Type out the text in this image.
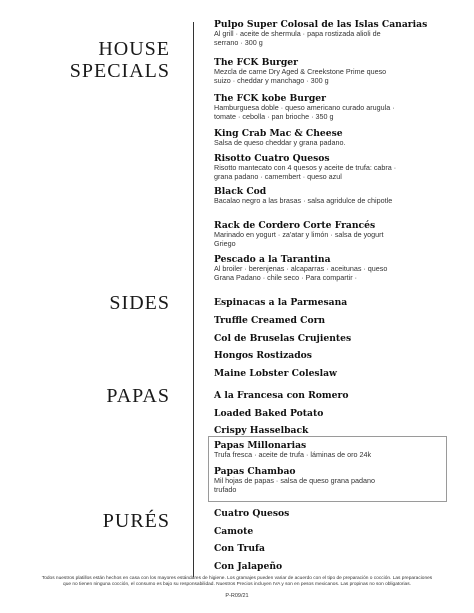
HOUSE
SPECIALS
SIDES
PAPAS
PURÉS
Pulpo Super Colosal de las Islas Canarias
Al grill · aceite de shermula · papa rostizada alioli de serrano · 300 g
The FCK Burger
Mezcla de carne Dry Aged & Creekstone Prime queso suizo · cheddar y manchago · 300 g
The FCK kobe Burger
Hamburguesa doble · queso americano curado arugula · tomate · cebolla · pan brioche · 350 g
King Crab Mac & Cheese
Salsa de queso cheddar y grana padano.
Risotto Cuatro Quesos
Risotto mantecato con 4 quesos y aceite de trufa: cabra · grana padano · camembert · queso azul
Black Cod
Bacalao negro a las brasas · salsa agridulce de chipotle
Rack de Cordero Corte Francés
Marinado en yogurt · za'atar y limón · salsa de yogurt Griego
Pescado a la Tarantina
Al broiler · berenjenas · alcaparras · aceitunas · queso Grana Padano · chile seco · Para compartir ·
Espinacas a la Parmesana
Truffle Creamed Corn
Col de Bruselas Crujientes
Hongos Rostizados
Maine Lobster Coleslaw
A la Francesa con Romero
Loaded Baked Potato
Crispy Hasselback
Papas Millonarias
Trufa fresca · aceite de trufa · láminas de oro 24k
Papas Chambao
Mil hojas de papas · salsa de queso grana padano trufado
Cuatro Quesos
Camote
Con Trufa
Con Jalapeño
Todos nuestros platillos están hechos en casa con los mayores estándares de higiene. Los gramajes pueden variar de acuerdo con el tipo de preparación o cocción. Las preparaciones
que no tienen ninguna cocción, el consumo es bajo su responsabilidad. Nuestros Precios incluyen IVA y son en pesos mexicanos. Las propinas no son obligatorias.
P-R09/21
